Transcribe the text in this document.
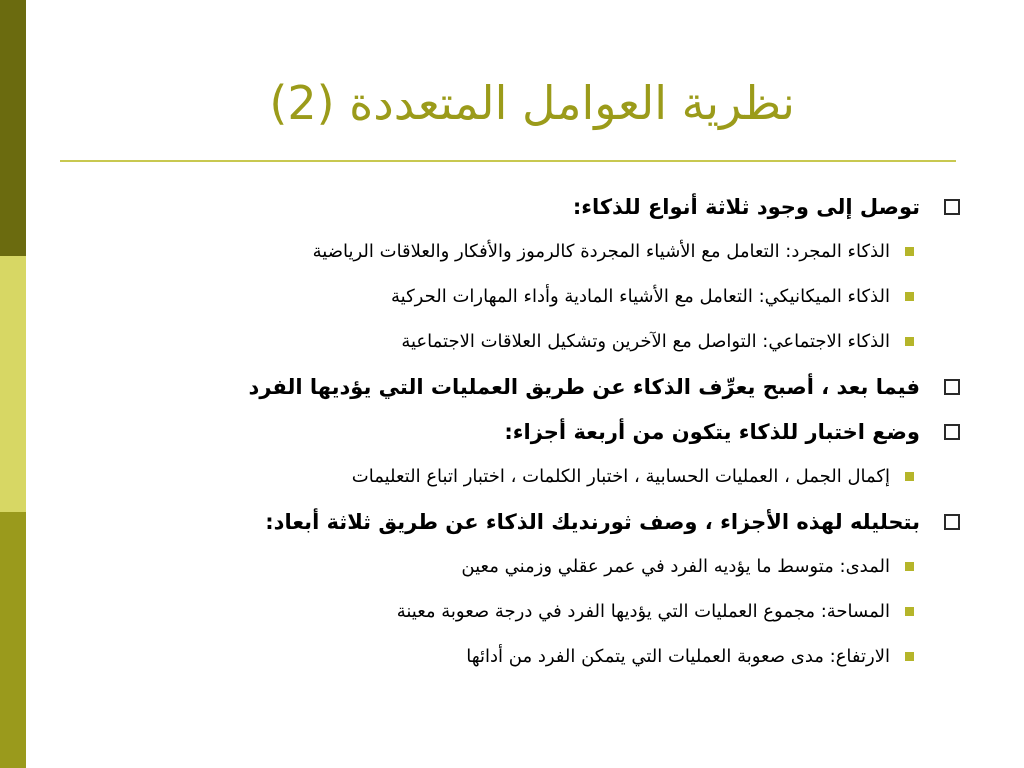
نظرية العوامل المتعددة (2)
توصل إلى وجود ثلاثة أنواع للذكاء:
الذكاء المجرد: التعامل مع الأشياء المجردة كالرموز والأفكار والعلاقات الرياضية
الذكاء الميكانيكي: التعامل مع الأشياء المادية وأداء المهارات الحركية
الذكاء الاجتماعي: التواصل مع الآخرين وتشكيل العلاقات الاجتماعية
فيما بعد ، أصبح يعرِّف الذكاء عن طريق العمليات التي يؤديها الفرد
وضع اختبار للذكاء يتكون من أربعة أجزاء:
إكمال الجمل ، العمليات الحسابية ، اختبار الكلمات ، اختبار اتباع التعليمات
بتحليله لهذه الأجزاء ، وصف ثورنديك الذكاء عن طريق ثلاثة أبعاد:
المدى: متوسط ما يؤديه الفرد في عمر عقلي وزمني معين
المساحة: مجموع العمليات التي يؤديها الفرد في درجة صعوبة معينة
الارتفاع: مدى صعوبة العمليات التي يتمكن الفرد من أدائها
